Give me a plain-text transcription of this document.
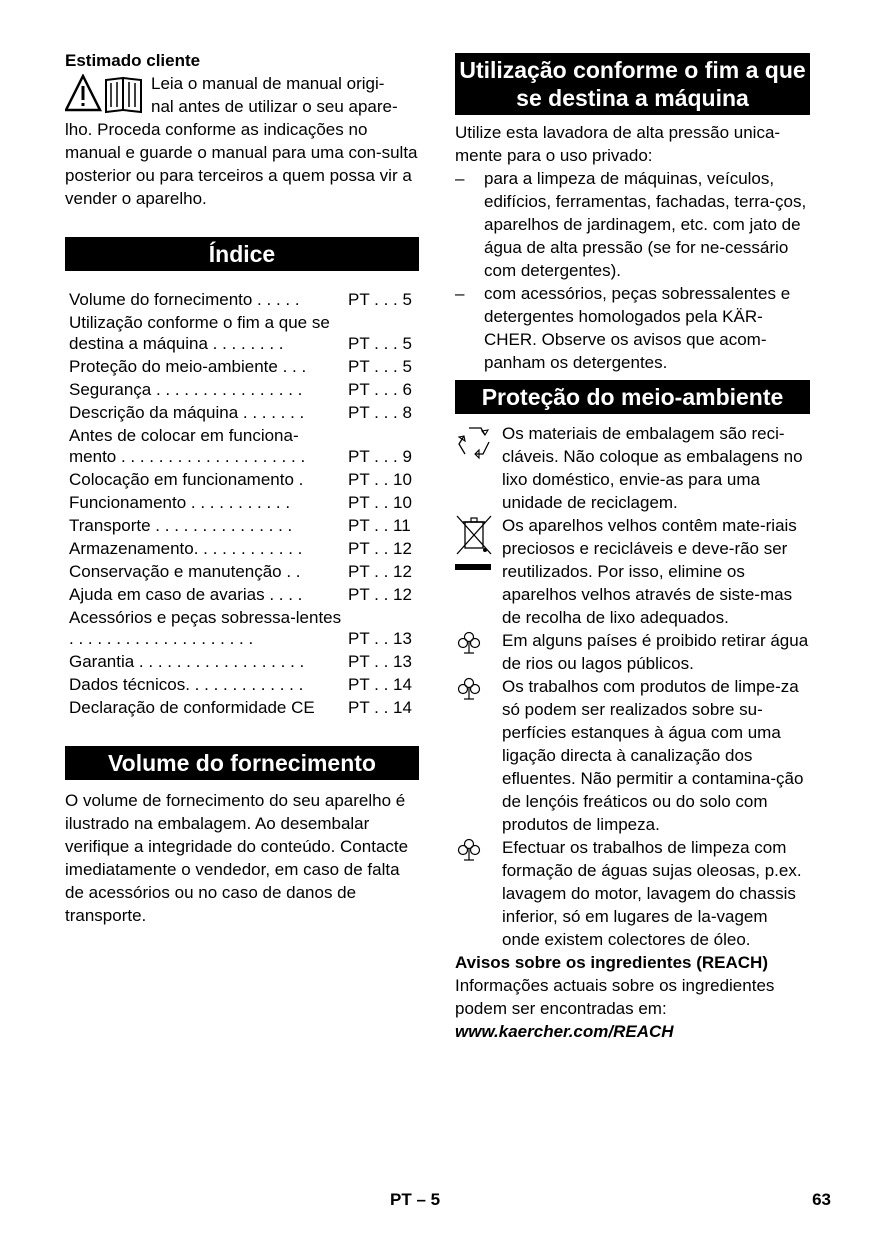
Estimado cliente

Leia o manual de manual origi-

nal antes de utilizar o seu apare-

lho. Proceda conforme as indicações no manual e guarde o manual para uma con-sulta posterior ou para terceiros a quem possa vir a vender o aparelho.

Índice
Volume do fornecimento . . . . .	PT . . . 5
Utilização conforme o fim a que se destina a máquina . . . . . . . .	PT . . . 5
Proteção do meio-ambiente . . .	PT . . . 5
Segurança . . . . . . . . . . . . . . . .	PT . . . 6
Descrição da máquina . . . . . . .	PT . . . 8
Antes de colocar em funciona-mento . . . . . . . . . . . . . . . . . . . .	PT . . . 9
Colocação em funcionamento .	PT . . 10
Funcionamento . . . . . . . . . . .	PT . . 10
Transporte . . . . . . . . . . . . . . .	PT . . 11
Armazenamento. . . . . . . . . . . .	PT . . 12
Conservação e manutenção . .	PT . . 12
Ajuda em caso de avarias . . . .	PT . . 12
Acessórios e peças sobressa-lentes . . . . . . . . . . . . . . . . . . . .	PT . . 13
Garantia . . . . . . . . . . . . . . . . . .	PT . . 13
Dados técnicos. . . . . . . . . . . . .	PT . . 14
Declaração de conformidade CE	PT . . 14
Volume do fornecimento

O volume de fornecimento do seu aparelho é ilustrado na embalagem. Ao desembalar verifique a integridade do conteúdo. Contacte imediatamente o vendedor, em caso de falta de acessórios ou no caso de danos de transporte.

Utilização conforme o fim a que se destina a máquina

Utilize esta lavadora de alta pressão unica-mente para o uso privado:

– para a limpeza de máquinas, veículos, edifícios, ferramentas, fachadas, terra-ços, aparelhos de jardinagem, etc. com jato de água de alta pressão (se for ne-cessário com detergentes).
– com acessórios, peças sobressalentes e detergentes homologados pela KÄR-CHER. Observe os avisos que acom-panham os detergentes.
Proteção do meio-ambiente
Os materiais de embalagem são reci-cláveis. Não coloque as embalagens no lixo doméstico, envie-as para uma unidade de reciclagem.
Os aparelhos velhos contêm mate-riais preciosos e recicláveis e deve-rão ser reutilizados. Por isso, elimine os aparelhos velhos através de siste-mas de recolha de lixo adequados.
Em alguns países é proibido retirar água de rios ou lagos públicos.
Os trabalhos com produtos de limpe-za só podem ser realizados sobre su-perfícies estanques à água com uma ligação directa à canalização dos efluentes. Não permitir a contamina-ção de lençóis freáticos ou do solo com produtos de limpeza.
Efectuar os trabalhos de limpeza com formação de águas sujas oleosas, p.ex. lavagem do motor, lavagem do chassis inferior, só em lugares de la-vagem onde existem colectores de óleo.

Avisos sobre os ingredientes (REACH)

Informações actuais sobre os ingredientes podem ser encontradas em:

www.kaercher.com/REACH

PT – 5	63
